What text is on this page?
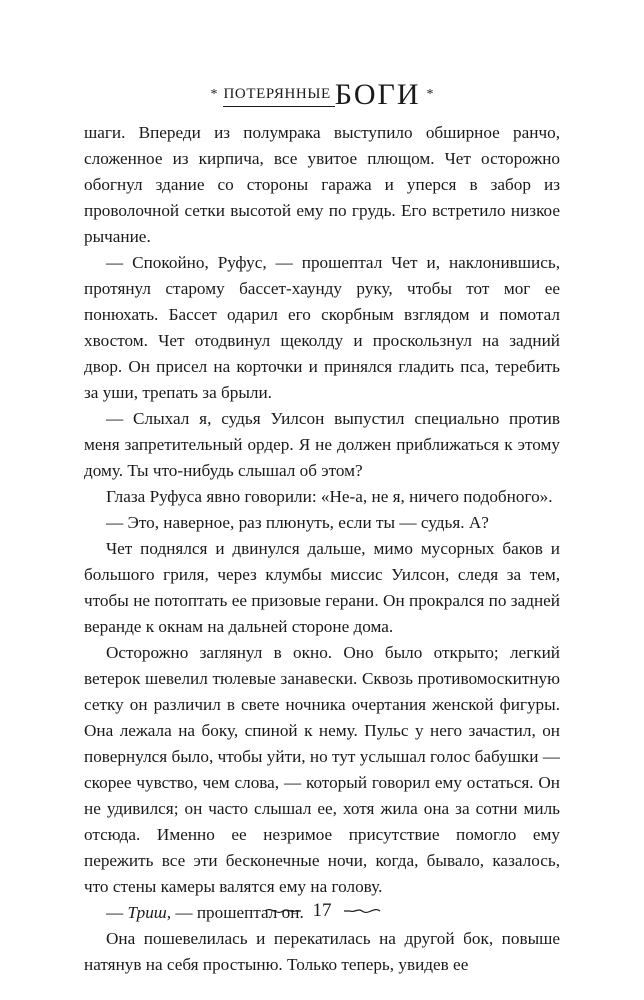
* ПОТЕРЯННЫЕ БОГИ *

шаги. Впереди из полумрака выступило обширное ранчо, сложенное из кирпича, все увитое плющом. Чет осторожно обогнул здание со стороны гаража и уперся в забор из проволочной сетки высотой ему по грудь. Его встретило низкое рычание.

— Спокойно, Руфус, — прошептал Чет и, наклонившись, протянул старому бассет-хаунду руку, чтобы тот мог ее понюхать. Бассет одарил его скорбным взглядом и помотал хвостом. Чет отодвинул щеколду и проскользнул на задний двор. Он присел на корточки и принялся гладить пса, теребить за уши, трепать за брыли.

— Слыхал я, судья Уилсон выпустил специально против меня запретительный ордер. Я не должен приближаться к этому дому. Ты что-нибудь слышал об этом?

Глаза Руфуса явно говорили: «Не-а, не я, ничего подобного».

— Это, наверное, раз плюнуть, если ты — судья. А?

Чет поднялся и двинулся дальше, мимо мусорных баков и большого гриля, через клумбы миссис Уилсон, следя за тем, чтобы не потоптать ее призовые герани. Он прокрался по задней веранде к окнам на дальней стороне дома.

Осторожно заглянул в окно. Оно было открыто; легкий ветерок шевелил тюлевые занавески. Сквозь противомоскитную сетку он различил в свете ночника очертания женской фигуры. Она лежала на боку, спиной к нему. Пульс у него зачастил, он повернулся было, чтобы уйти, но тут услышал голос бабушки — скорее чувство, чем слова, — который говорил ему остаться. Он не удивился; он часто слышал ее, хотя жила она за сотни миль отсюда. Именно ее незримое присутствие помогло ему пережить все эти бесконечные ночи, когда, бывало, казалось, что стены камеры валятся ему на голову.

— Триш, — прошептал он.

Она пошевелилась и перекатилась на другой бок, повыше натянув на себя простыню. Только теперь, увидев ее

17
